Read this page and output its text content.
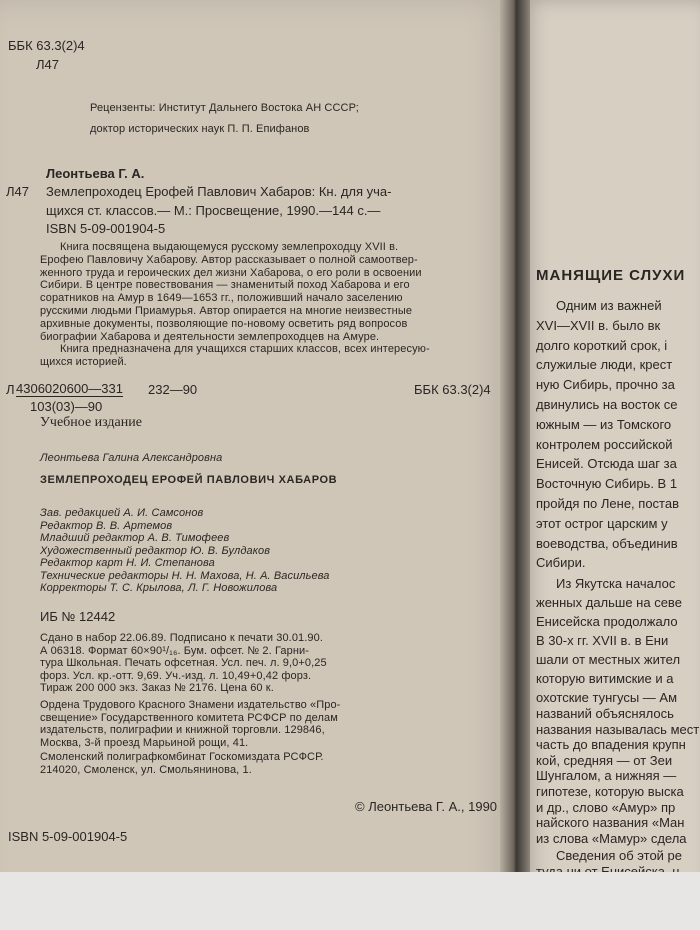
МАНЯЩИЕ СЛУХИ
Одним из важней
XVI—XVII в. было вк
долго короткий срок, і
служилые люди, крест
ную Сибирь, прочно за
двинулись на восток се
южным — из Томского
контролем российской
Енисей. Отсюда шаг за
Восточную Сибирь. В 1
пройдя по Лене, постав
этот острог царским у
воеводства, объединив
Сибири.
Из Якутска началос
женных дальше на севе
Енисейска продолжало
В 30-х гг. XVII в. в Ени
шали от местных жител
которую витимские и а
охотские тунгусы — Ам
названий объяснялось
названия называлась мест
часть до впадения крупн
кой, средняя — от Зеи
Шунгалом, а нижняя —
гипотезе, которую выска
и др., слово «Амур» пр
найского названия «Ман
из слова «Мамур» сдела
Сведения об этой ре
ББК 63.3(2)4
Л47
Рецензенты: Институт Дальнего Востока АН СССР;
доктор исторических наук П. П. Епифанов
Леонтьева Г. А.
Л47 Землепроходец Ерофей Павлович Хабаров: Кн. для уча-
щихся ст. классов.— М.: Просвещение, 1990.—144 с.—
ISBN 5-09-001904-5
Книга посвящена выдающемуся русскому землепроходцу XVII в.
Ерофею Павловичу Хабарову. Автор рассказывает о полной самоотвер-
женного труда и героических дел жизни Хабарова, о его роли в освоении
Сибири. В центре повествования — знаменитый поход Хабарова и его
соратников на Амур в 1649—1653 гг., положивший начало заселению
русскими людьми Приамурья. Автор опирается на многие неизвестные
архивные документы, позволяющие по-новому осветить ряд вопросов
биографии Хабарова и деятельности землепроходцев на Амуре.
Книга предназначена для учащихся старших классов, всех интересую-
щихся историей.
Л 4306020600—331 232—90	ББК 63.3(2)4
103(03)—90
Учебное издание
Леонтьева Галина Александровна
ЗЕМЛЕПРОХОДЕЦ ЕРОФЕЙ ПАВЛОВИЧ ХАБАРОВ
Зав. редакцией А. И. Самсонов
Редактор В. В. Артемов
Младший редактор А. В. Тимофеев
Художественный редактор Ю. В. Булдаков
Редактор карт Н. И. Степанова
Технические редакторы Н. Н. Махова, Н. А. Васильева
Корректоры Т. С. Крылова, Л. Г. Новожилова
ИБ № 12442
Сдано в набор 22.06.89. Подписано к печати 30.01.90.
А 06318. Формат 60×90¹/₁₆. Бум. офсет. № 2. Гарни-
тура Школьная. Печать офсетная. Усл. печ. л. 9,0+0,25
форз. Усл. кр.-отт. 9,69. Уч.-изд. л. 10,49+0,42 форз.
Тираж 200 000 экз. Заказ № 2176. Цена 60 к.
Ордена Трудового Красного Знамени издательство «Про-
свещение» Государственного комитета РСФСР по делам
издательств, полиграфии и книжной торговли. 129846,
Москва, 3-й проезд Марьиной рощи, 41.
Смоленский полиграфкомбинат Госкомиздата РСФСР.
214020, Смоленск, ул. Смольянинова, 1.
© Леонтьева Г. А., 1990
ISBN 5-09-001904-5
